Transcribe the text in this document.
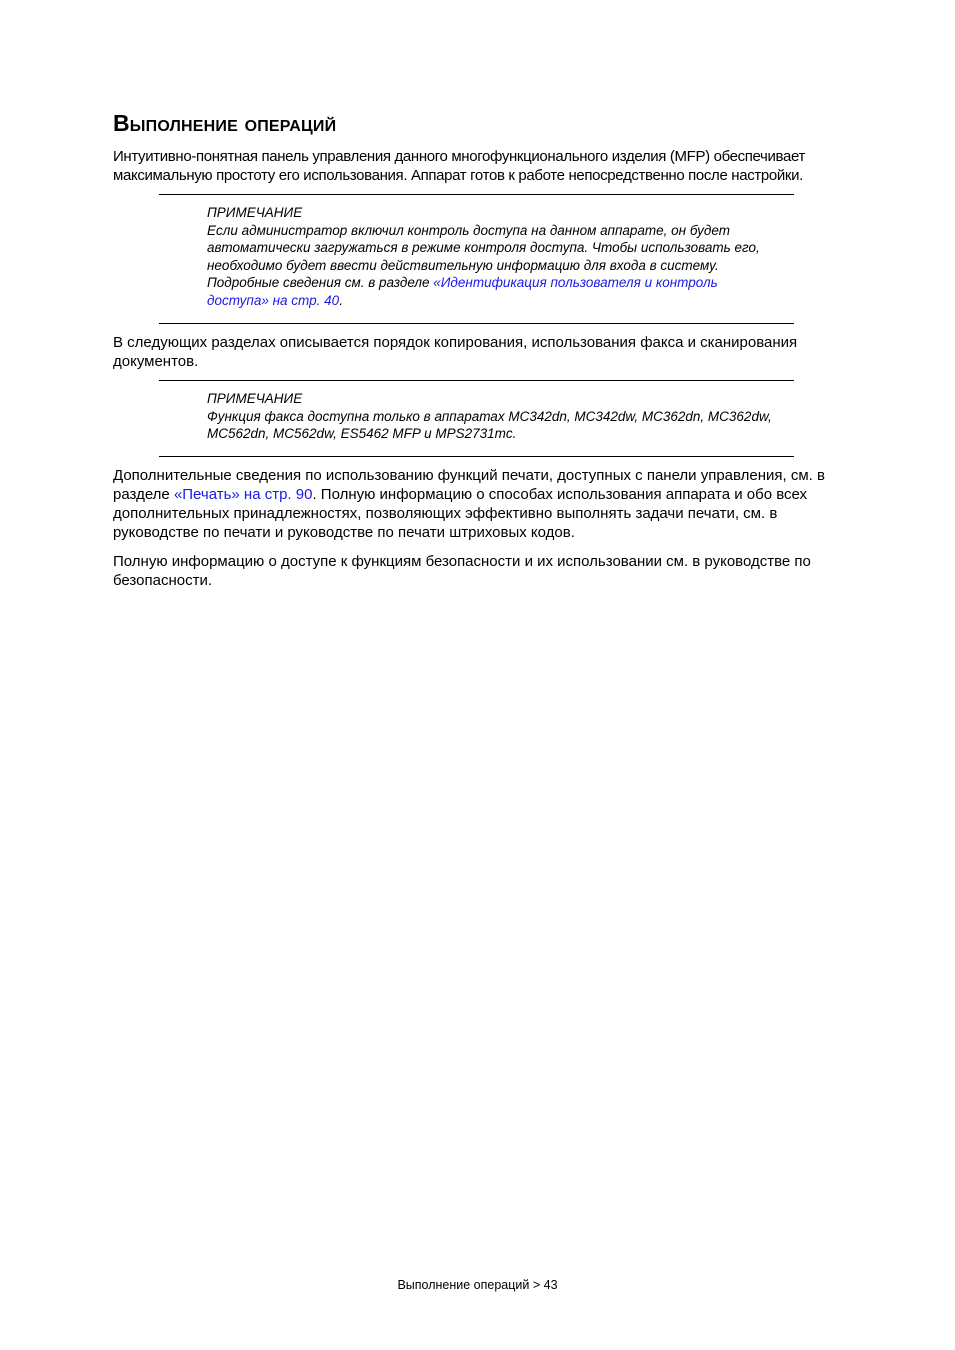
Выполнение операций

Интуитивно-понятная панель управления данного многофункционального изделия (MFP) обеспечивает максимальную простоту его использования. Аппарат готов к работе непосредственно после настройки.

ПРИМЕЧАНИЕ
Если администратор включил контроль доступа на данном аппарате, он будет автоматически загружаться в режиме контроля доступа. Чтобы использовать его, необходимо будет ввести действительную информацию для входа в систему. Подробные сведения см. в разделе «Идентификация пользователя и контроль доступа» на стр. 40.

В следующих разделах описывается порядок копирования, использования факса и сканирования документов.

ПРИМЕЧАНИЕ
Функция факса доступна только в аппаратах MC342dn, MC342dw, MC362dn, MC362dw, MC562dn, MC562dw, ES5462 MFP и MPS2731mc.

Дополнительные сведения по использованию функций печати, доступных с панели управления, см. в разделе «Печать» на стр. 90. Полную информацию о способах использования аппарата и обо всех дополнительных принадлежностях, позволяющих эффективно выполнять задачи печати, см. в руководстве по печати и руководстве по печати штриховых кодов.

Полную информацию о доступе к функциям безопасности и их использовании см. в руководстве по безопасности.

Выполнение операций > 43
